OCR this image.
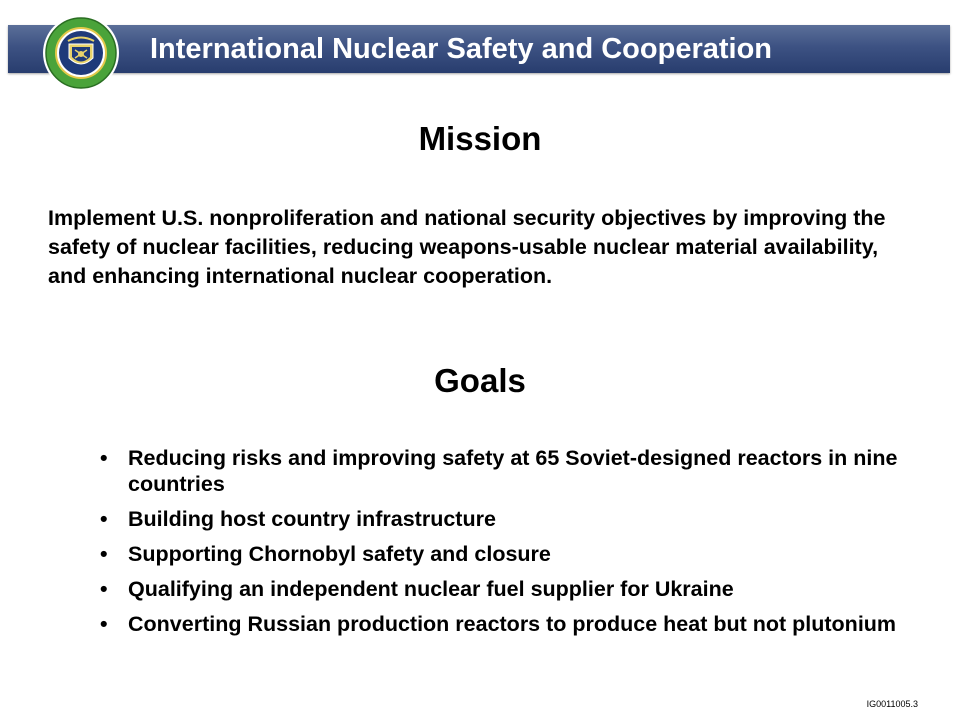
International Nuclear Safety and Cooperation
Mission
Implement U.S. nonproliferation and national security objectives by improving the safety of nuclear facilities, reducing weapons-usable nuclear material availability, and enhancing international nuclear cooperation.
Goals
• Reducing risks and improving safety at 65 Soviet-designed reactors in nine countries
• Building host country infrastructure
• Supporting Chornobyl safety and closure
• Qualifying an independent nuclear fuel supplier for Ukraine
• Converting Russian production reactors to produce heat but not plutonium
IG0011005.3
